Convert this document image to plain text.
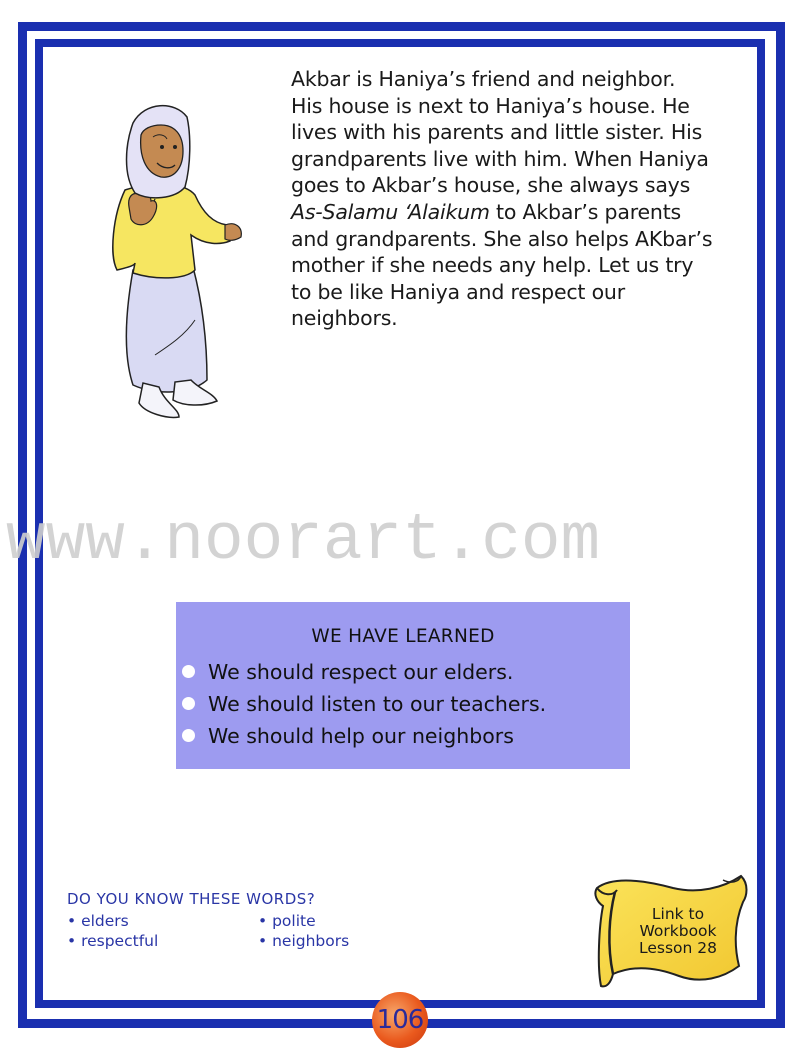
Akbar is Haniya’s friend and neighbor.
His house is next to Haniya’s house. He
lives with his parents and little sister. His
grandparents live with him. When Haniya
goes to Akbar’s house, she always says
As-Salamu ‘Alaikum to Akbar’s parents
and grandparents. She also helps AKbar’s
mother if she needs any help. Let us try
to be like Haniya and respect our
neighbors.
www.noorart.com
WE HAVE LEARNED
We should respect our elders.
We should listen to our teachers.
We should help our neighbors
DO YOU KNOW THESE WORDS?
• elders	• polite
• respectful	• neighbors
Link to
Workbook
Lesson 28
106
